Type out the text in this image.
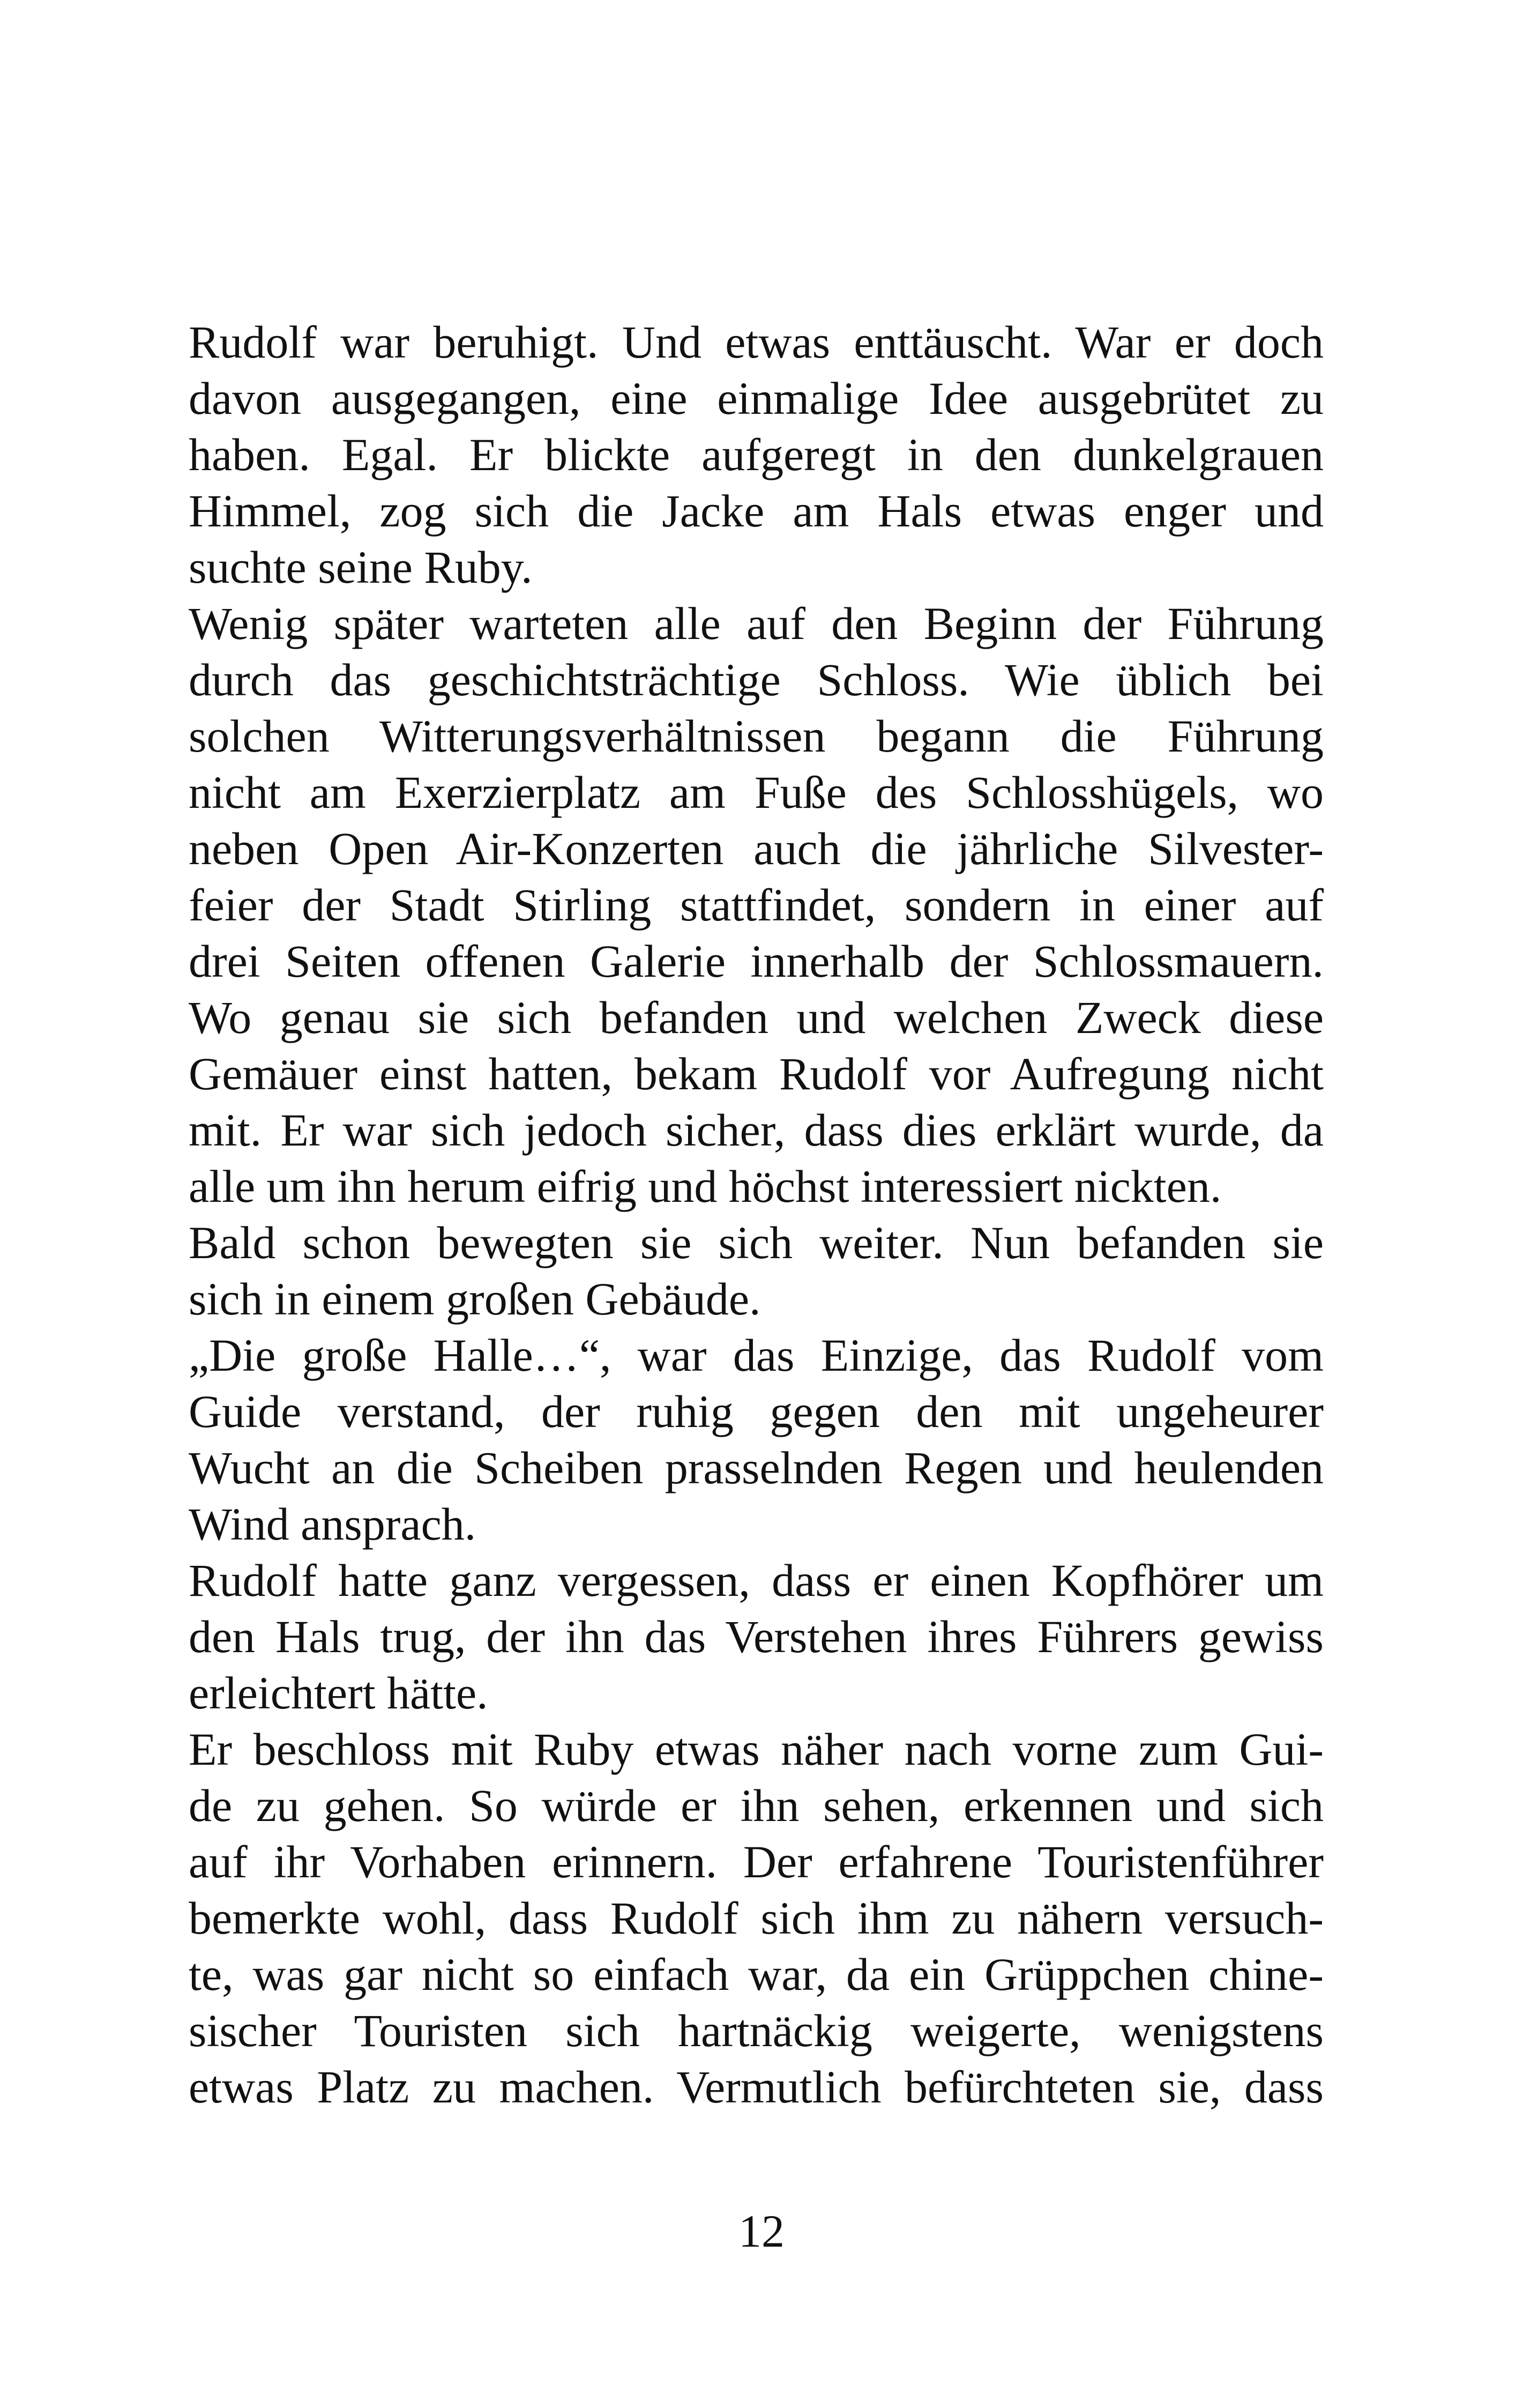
Rudolf war beruhigt. Und etwas enttäuscht. War er doch
davon ausgegangen, eine einmalige Idee ausgebrütet zu
haben. Egal. Er blickte aufgeregt in den dunkelgrauen
Himmel, zog sich die Jacke am Hals etwas enger und
suchte seine Ruby.
Wenig später warteten alle auf den Beginn der Führung
durch das geschichtsträchtige Schloss. Wie üblich bei
solchen Witterungsverhältnissen begann die Führung
nicht am Exerzierplatz am Fuße des Schlosshügels, wo
neben Open Air-Konzerten auch die jährliche Silvester-
feier der Stadt Stirling stattfindet, sondern in einer auf
drei Seiten offenen Galerie innerhalb der Schlossmauern.
Wo genau sie sich befanden und welchen Zweck diese
Gemäuer einst hatten, bekam Rudolf vor Aufregung nicht
mit. Er war sich jedoch sicher, dass dies erklärt wurde, da
alle um ihn herum eifrig und höchst interessiert nickten.
Bald schon bewegten sie sich weiter. Nun befanden sie
sich in einem großen Gebäude.
„Die große Halle…“, war das Einzige, das Rudolf vom
Guide verstand, der ruhig gegen den mit ungeheurer
Wucht an die Scheiben prasselnden Regen und heulenden
Wind ansprach.
Rudolf hatte ganz vergessen, dass er einen Kopfhörer um
den Hals trug, der ihn das Verstehen ihres Führers gewiss
erleichtert hätte.
Er beschloss mit Ruby etwas näher nach vorne zum Gui-
de zu gehen. So würde er ihn sehen, erkennen und sich
auf ihr Vorhaben erinnern. Der erfahrene Touristenführer
bemerkte wohl, dass Rudolf sich ihm zu nähern versuch-
te, was gar nicht so einfach war, da ein Grüppchen chine-
sischer Touristen sich hartnäckig weigerte, wenigstens
etwas Platz zu machen. Vermutlich befürchteten sie, dass
12
